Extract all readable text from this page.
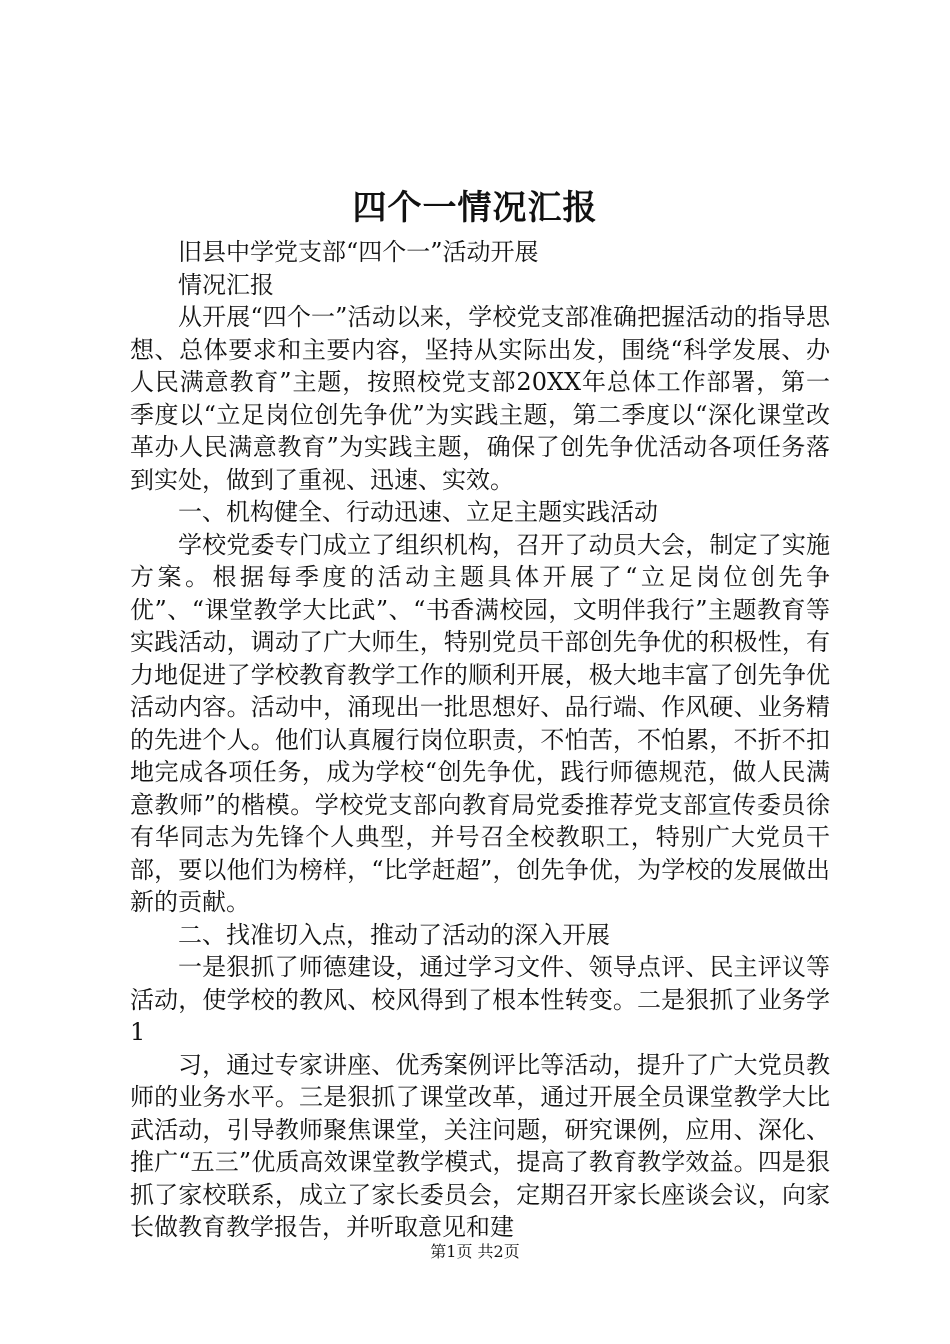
四个一情况汇报

旧县中学党支部“四个一”活动开展

情况汇报

从开展“四个一”活动以来，学校党支部准确把握活动的指导思想、总体要求和主要内容，坚持从实际出发，围绕“科学发展、办人民满意教育”主题，按照校党支部20XX年总体工作部署，第一季度以“立足岗位创先争优”为实践主题，第二季度以“深化课堂改革办人民满意教育”为实践主题，确保了创先争优活动各项任务落到实处，做到了重视、迅速、实效。

一、机构健全、行动迅速、立足主题实践活动

学校党委专门成立了组织机构，召开了动员大会，制定了实施方案。根据每季度的活动主题具体开展了“立足岗位创先争优”、“课堂教学大比武”、“书香满校园，文明伴我行”主题教育等实践活动，调动了广大师生，特别党员干部创先争优的积极性，有力地促进了学校教育教学工作的顺利开展，极大地丰富了创先争优活动内容。活动中，涌现出一批思想好、品行端、作风硬、业务精的先进个人。他们认真履行岗位职责，不怕苦，不怕累，不折不扣地完成各项任务，成为学校“创先争优，践行师德规范，做人民满意教师”的楷模。学校党支部向教育局党委推荐党支部宣传委员徐有华同志为先锋个人典型，并号召全校教职工，特别广大党员干部，要以他们为榜样，“比学赶超”，创先争优，为学校的发展做出新的贡献。

二、找准切入点，推动了活动的深入开展

一是狠抓了师德建设，通过学习文件、领导点评、民主评议等活动，使学校的教风、校风得到了根本性转变。二是狠抓了业务学1

习，通过专家讲座、优秀案例评比等活动，提升了广大党员教师的业务水平。三是狠抓了课堂改革，通过开展全员课堂教学大比武活动，引导教师聚焦课堂，关注问题，研究课例，应用、深化、推广“五三”优质高效课堂教学模式，提高了教育教学效益。四是狠抓了家校联系，成立了家长委员会，定期召开家长座谈会议，向家长做教育教学报告，并听取意见和建

第1页 共2页
